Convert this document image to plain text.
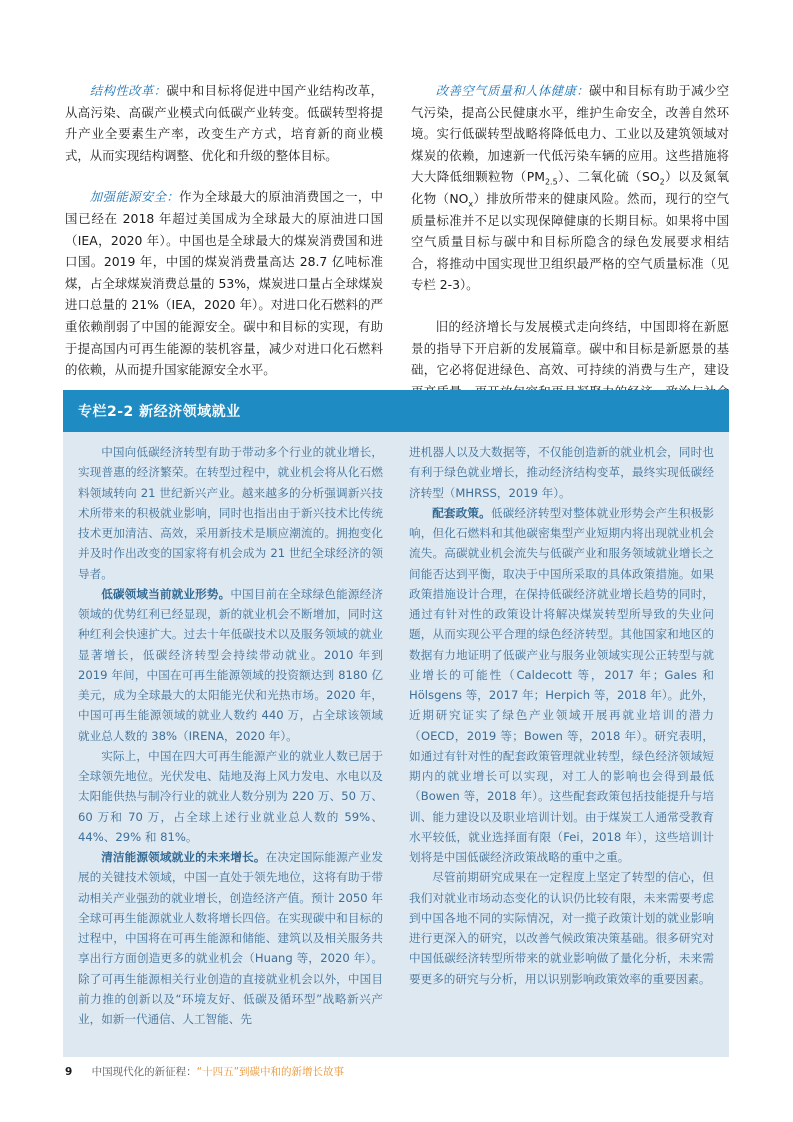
结构性改革：碳中和目标将促进中国产业结构改革，从高污染、高碳产业模式向低碳产业转变。低碳转型将提升产业全要素生产率，改变生产方式，培育新的商业模式，从而实现结构调整、优化和升级的整体目标。

加强能源安全：作为全球最大的原油消费国之一，中国已经在 2018 年超过美国成为全球最大的原油进口国（IEA，2020 年）。中国也是全球最大的煤炭消费国和进口国。2019 年，中国的煤炭消费量高达 28.7 亿吨标准煤，占全球煤炭消费总量的 53%，煤炭进口量占全球煤炭进口总量的 21%（IEA，2020 年）。对进口化石燃料的严重依赖削弱了中国的能源安全。碳中和目标的实现，有助于提高国内可再生能源的装机容量，减少对进口化石燃料的依赖，从而提升国家能源安全水平。

改善空气质量和人体健康：碳中和目标有助于减少空气污染，提高公民健康水平，维护生命安全，改善自然环境。实行低碳转型战略将降低电力、工业以及建筑领域对煤炭的依赖，加速新一代低污染车辆的应用。这些措施将大大降低细颗粒物$(PM_{2.5})$、二氧化硫$(SO_2)$以及氮氧化物$(NO_x)$排放所带来的健康风险。然而，现行的空气质量标准并不足以实现保障健康的长期目标。如果将中国空气质量目标与碳中和目标所隐含的绿色发展要求相结合，将推动中国实现世卫组织最严格的空气质量标准（见专栏 2-3）。

旧的经济增长与发展模式走向终结，中国即将在新愿景的指导下开启新的发展篇章。碳中和目标是新愿景的基础，它必将促进绿色、高效、可持续的消费与生产，建设

专栏2-2 新经济领域就业

中国向低碳经济转型有助于带动多个行业的就业增长，实现普惠的经济繁荣。在转型过程中，就业机会将从化石燃料领域转向 21 世纪新兴产业。越来越多的分析强调新兴技术所带来的积极就业影响，同时也指出由于新兴技术比传统技术更加清洁、高效，采用新技术是顺应潮流的。拥抱变化并及时作出改变的国家将有机会成为 21 世纪全球经济的领导者。

低碳领域当前就业形势。中国目前在全球绿色能源经济领域的优势红利已经显现，新的就业机会不断增加，同时这种红利会快速扩大。过去十年低碳技术以及服务领域的就业显著增长，低碳经济转型会持续带动就业。2010 年到 2019 年间，中国在可再生能源领域的投资额达到 8180 亿美元，成为全球最大的太阳能光伏和光热市场。2020 年，中国可再生能源领域的就业人数约 440 万，占全球该领域就业总人数的 38%（IRENA，2020 年）。

实际上，中国在四大可再生能源产业的就业人数已居于全球领先地位。光伏发电、陆地及海上风力发电、水电以及太阳能供热与制冷行业的就业人数分别为 220 万、50 万、60 万和 70 万，占全球上述行业就业总人数的 59%、44%、29% 和 81%。

清洁能源领域就业的未来增长。在决定国际能源产业发展的关键技术领域，中国一直处于领先地位，这将有助于带动相关产业强劲的就业增长，创造经济产值。预计 2050 年全球可再生能源就业人数将增长四倍。在实现碳中和目标的过程中，中国将在可再生能源和储能、建筑以及相关服务共享出行方面创造更多的就业机会（Huang 等，2020 年）。除了可再生能源相关行业创造的直接就业机会以外，中国目前力推的创新以及“环境友好、低碳及循环型”战略新兴产业，如新一代通信、人工智能、先

进机器人以及大数据等，不仅能创造新的就业机会，同时也有利于绿色就业增长，推动经济结构变革，最终实现低碳经济转型（MHRSS，2019 年）。

配套政策。低碳经济转型对整体就业形势会产生积极影响，但化石燃料和其他碳密集型产业短期内将出现就业机会流失。高碳就业机会流失与低碳产业和服务领域就业增长之间能否达到平衡，取决于中国所采取的具体政策措施。如果政策措施设计合理，在保持低碳经济就业增长趋势的同时，通过有针对性的政策设计将解决煤炭转型所导致的失业问题，从而实现公平合理的绿色经济转型。其他国家和地区的数据有力地证明了低碳产业与服务业领域实现公正转型与就业增长的可能性（Caldecott 等，2017 年；Gales 和 Hölsgens 等，2017 年；Herpich 等，2018 年）。此外，近期研究证实了绿色产业领域开展再就业培训的潜力（OECD，2019 等；Bowen 等，2018 年）。研究表明，如通过有针对性的配套政策管理就业转型，绿色经济领域短期内的就业增长可以实现，对工人的影响也会得到最低（Bowen 等，2018 年）。这些配套政策包括技能提升与培训、能力建设以及职业培训计划。由于煤炭工人通常受教育水平较低，就业选择面有限（Fei，2018 年），这些培训计划将是中国低碳经济政策战略的重中之重。

尽管前期研究成果在一定程度上坚定了转型的信心，但我们对就业市场动态变化的认识仍比较有限，未来需要考虑到中国各地不同的实际情况，对一揽子政策计划的就业影响进行更深入的研究，以改善气候政策决策基础。很多研究对中国低碳经济转型所带来的就业影响做了量化分析，未来需要更多的研究与分析，用以识别影响政策效率的重要因素。

9 中国现代化的新征程：“十四五”到碳中和的新增长故事
